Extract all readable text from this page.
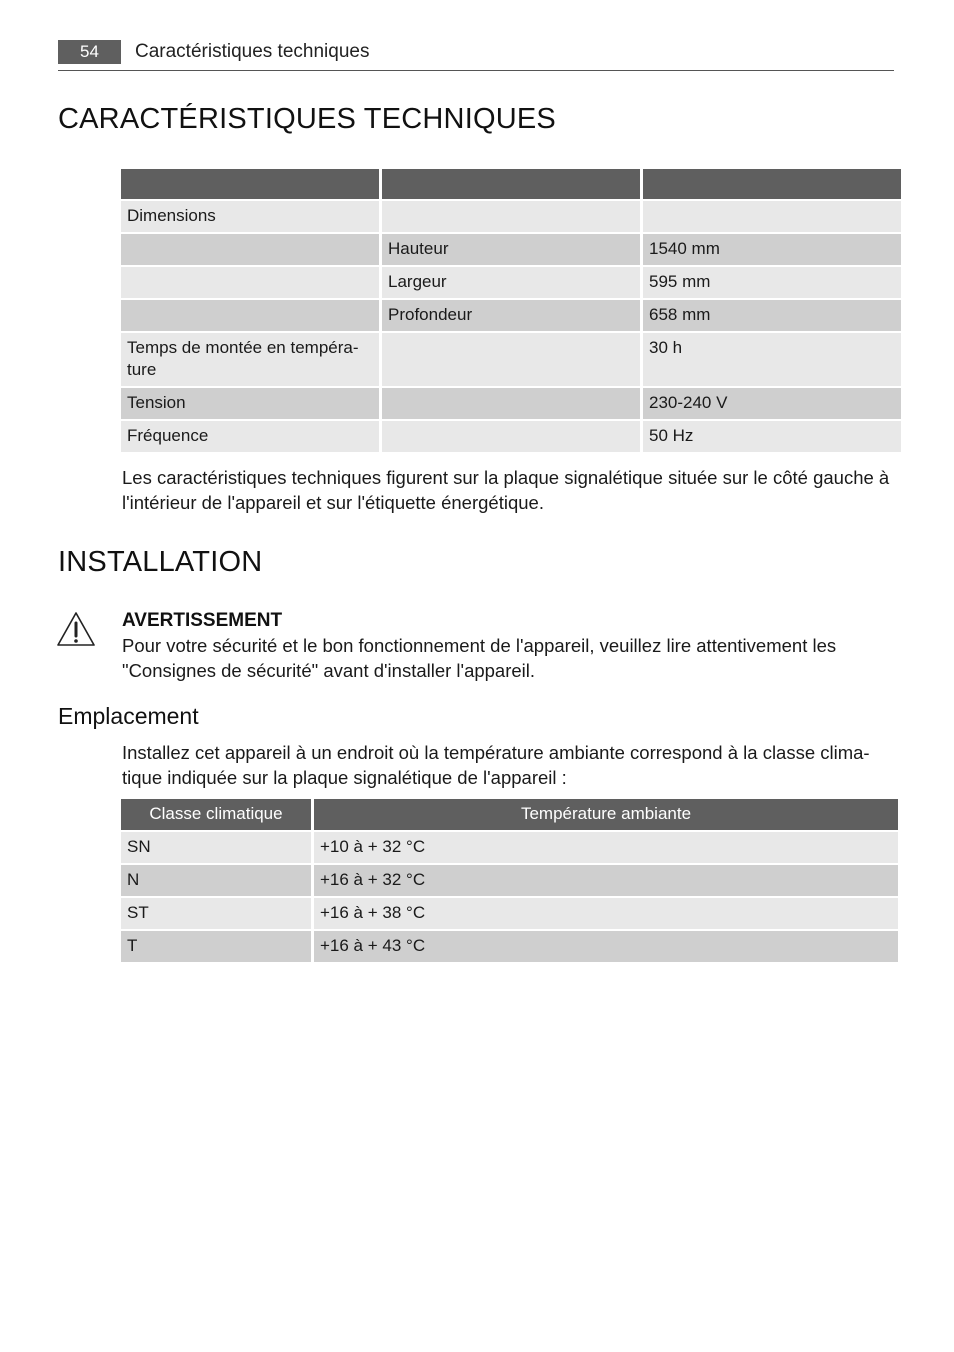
54	Caractéristiques techniques
CARACTÉRISTIQUES TECHNIQUES

Dimensions		
	Hauteur	1540 mm
	Largeur	595 mm
	Profondeur	658 mm
Temps de montée en tempéra-ture		30 h
Tension		230-240 V
Fréquence		50 Hz
Les caractéristiques techniques figurent sur la plaque signalétique située sur le côté gauche à l'intérieur de l'appareil et sur l'étiquette énergétique.
INSTALLATION
AVERTISSEMENT
Pour votre sécurité et le bon fonctionnement de l'appareil, veuillez lire attentivement les "Consignes de sécurité" avant d'installer l'appareil.
Emplacement
Installez cet appareil à un endroit où la température ambiante correspond à la classe clima-tique indiquée sur la plaque signalétique de l'appareil :
Classe climatique	Température ambiante
SN	+10 à + 32 °C
N	+16 à + 32 °C
ST	+16 à + 38 °C
T	+16 à + 43 °C
